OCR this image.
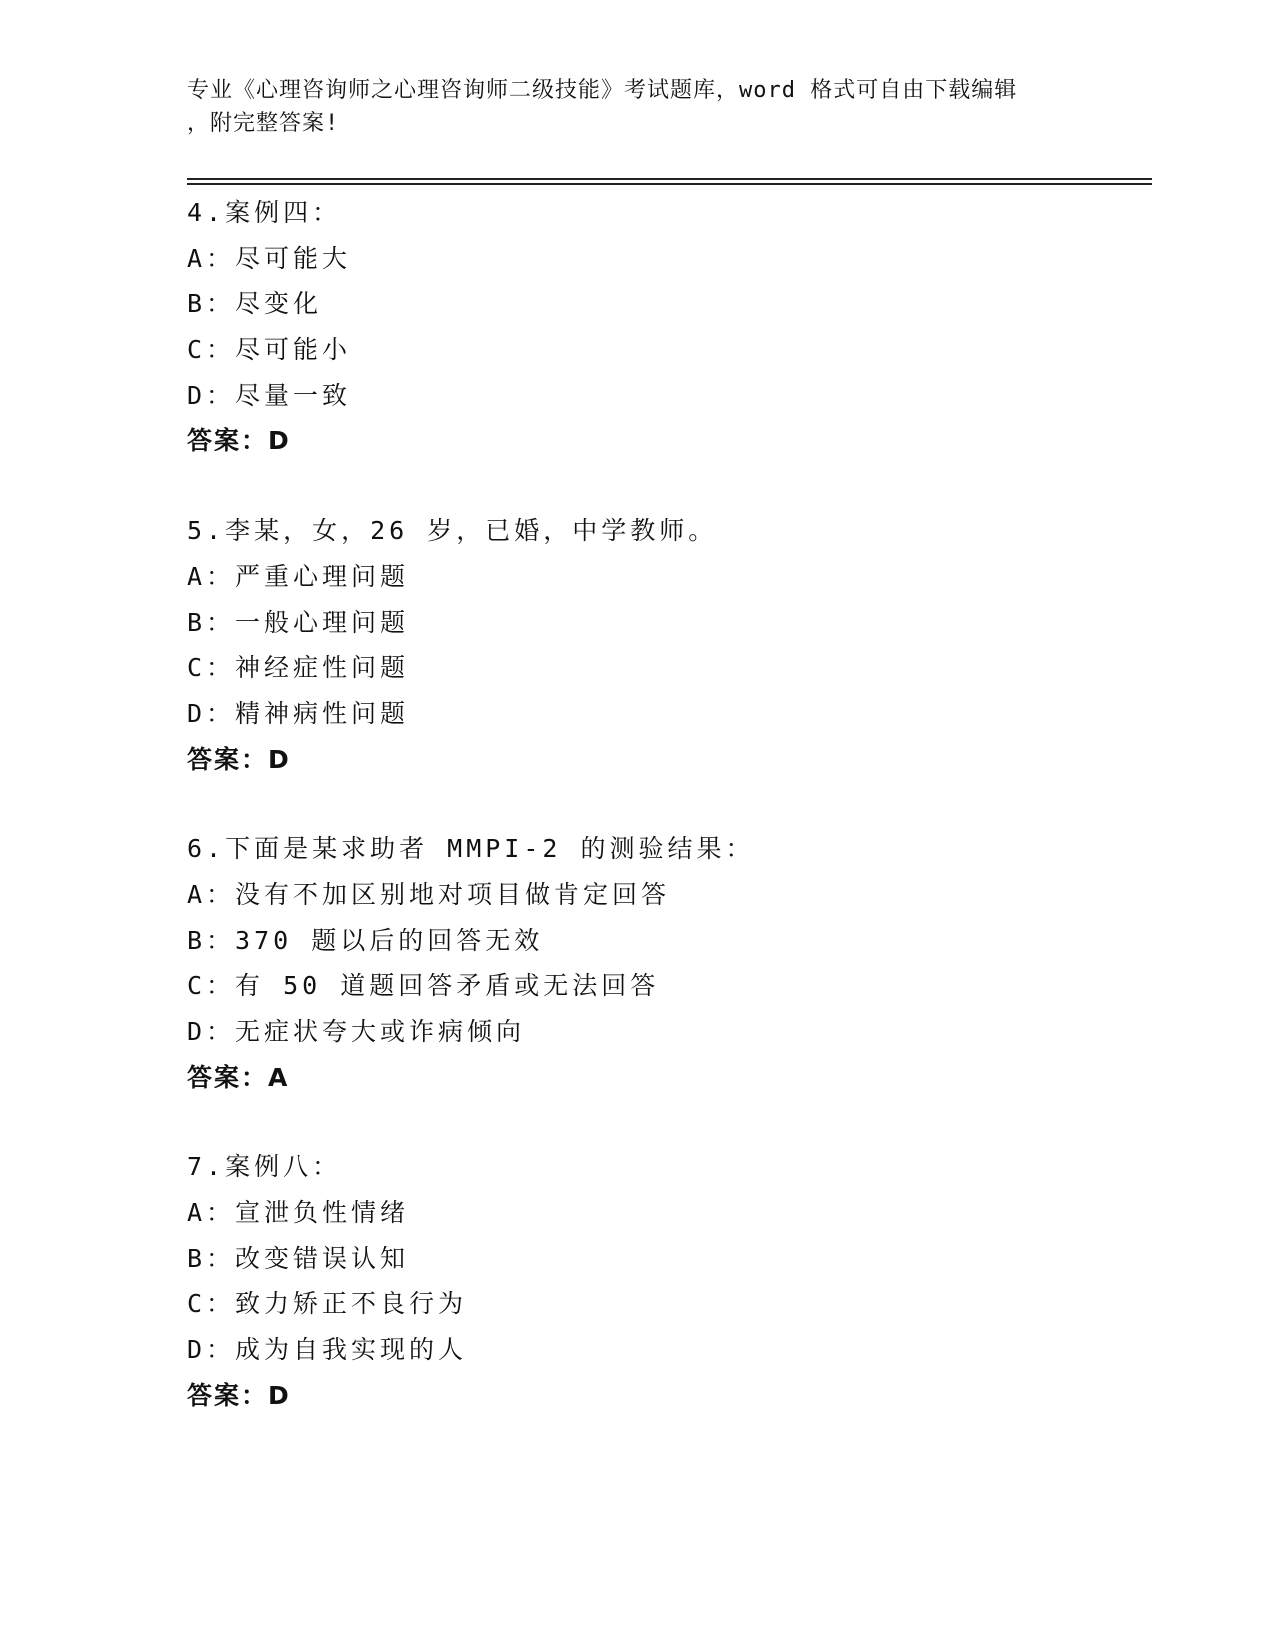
专业《心理咨询师之心理咨询师二级技能》考试题库，word 格式可自由下载编辑
，附完整答案!
4.案例四：
A：尽可能大
B：尽变化
C：尽可能小
D：尽量一致
答案：D
5.李某，女，26 岁，已婚，中学教师。
A：严重心理问题
B：一般心理问题
C：神经症性问题
D：精神病性问题
答案：D
6.下面是某求助者 MMPI-2 的测验结果：
A：没有不加区别地对项目做肯定回答
B：370 题以后的回答无效
C：有 50 道题回答矛盾或无法回答
D：无症状夸大或诈病倾向
答案：A
7.案例八：
A：宣泄负性情绪
B：改变错误认知
C：致力矫正不良行为
D：成为自我实现的人
答案：D
